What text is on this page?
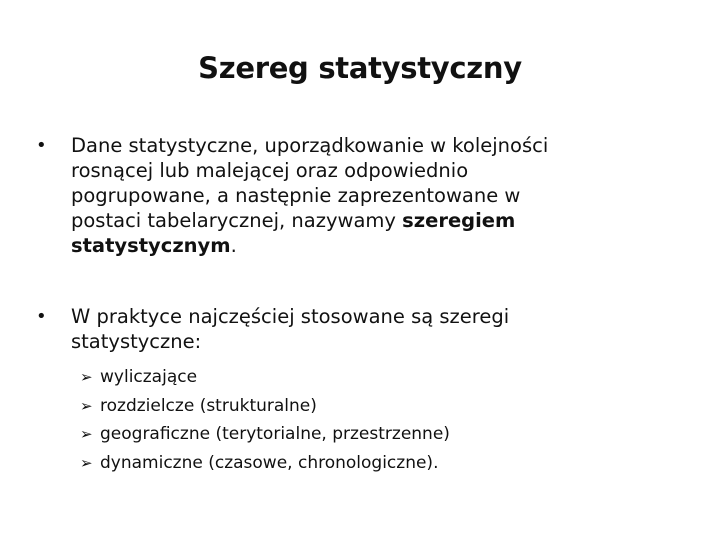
Szereg statystyczny
•	Dane statystyczne, uporządkowanie w kolejności
rosnącej lub malejącej oraz odpowiednio
pogrupowane, a następnie zaprezentowane w
postaci tabelarycznej, nazywamy szeregiem
statystycznym.
•	W praktyce najczęściej stosowane są szeregi
statystyczne:
➢ wyliczające
➢ rozdzielcze (strukturalne)
➢ geograficzne (terytorialne, przestrzenne)
➢ dynamiczne (czasowe, chronologiczne).
